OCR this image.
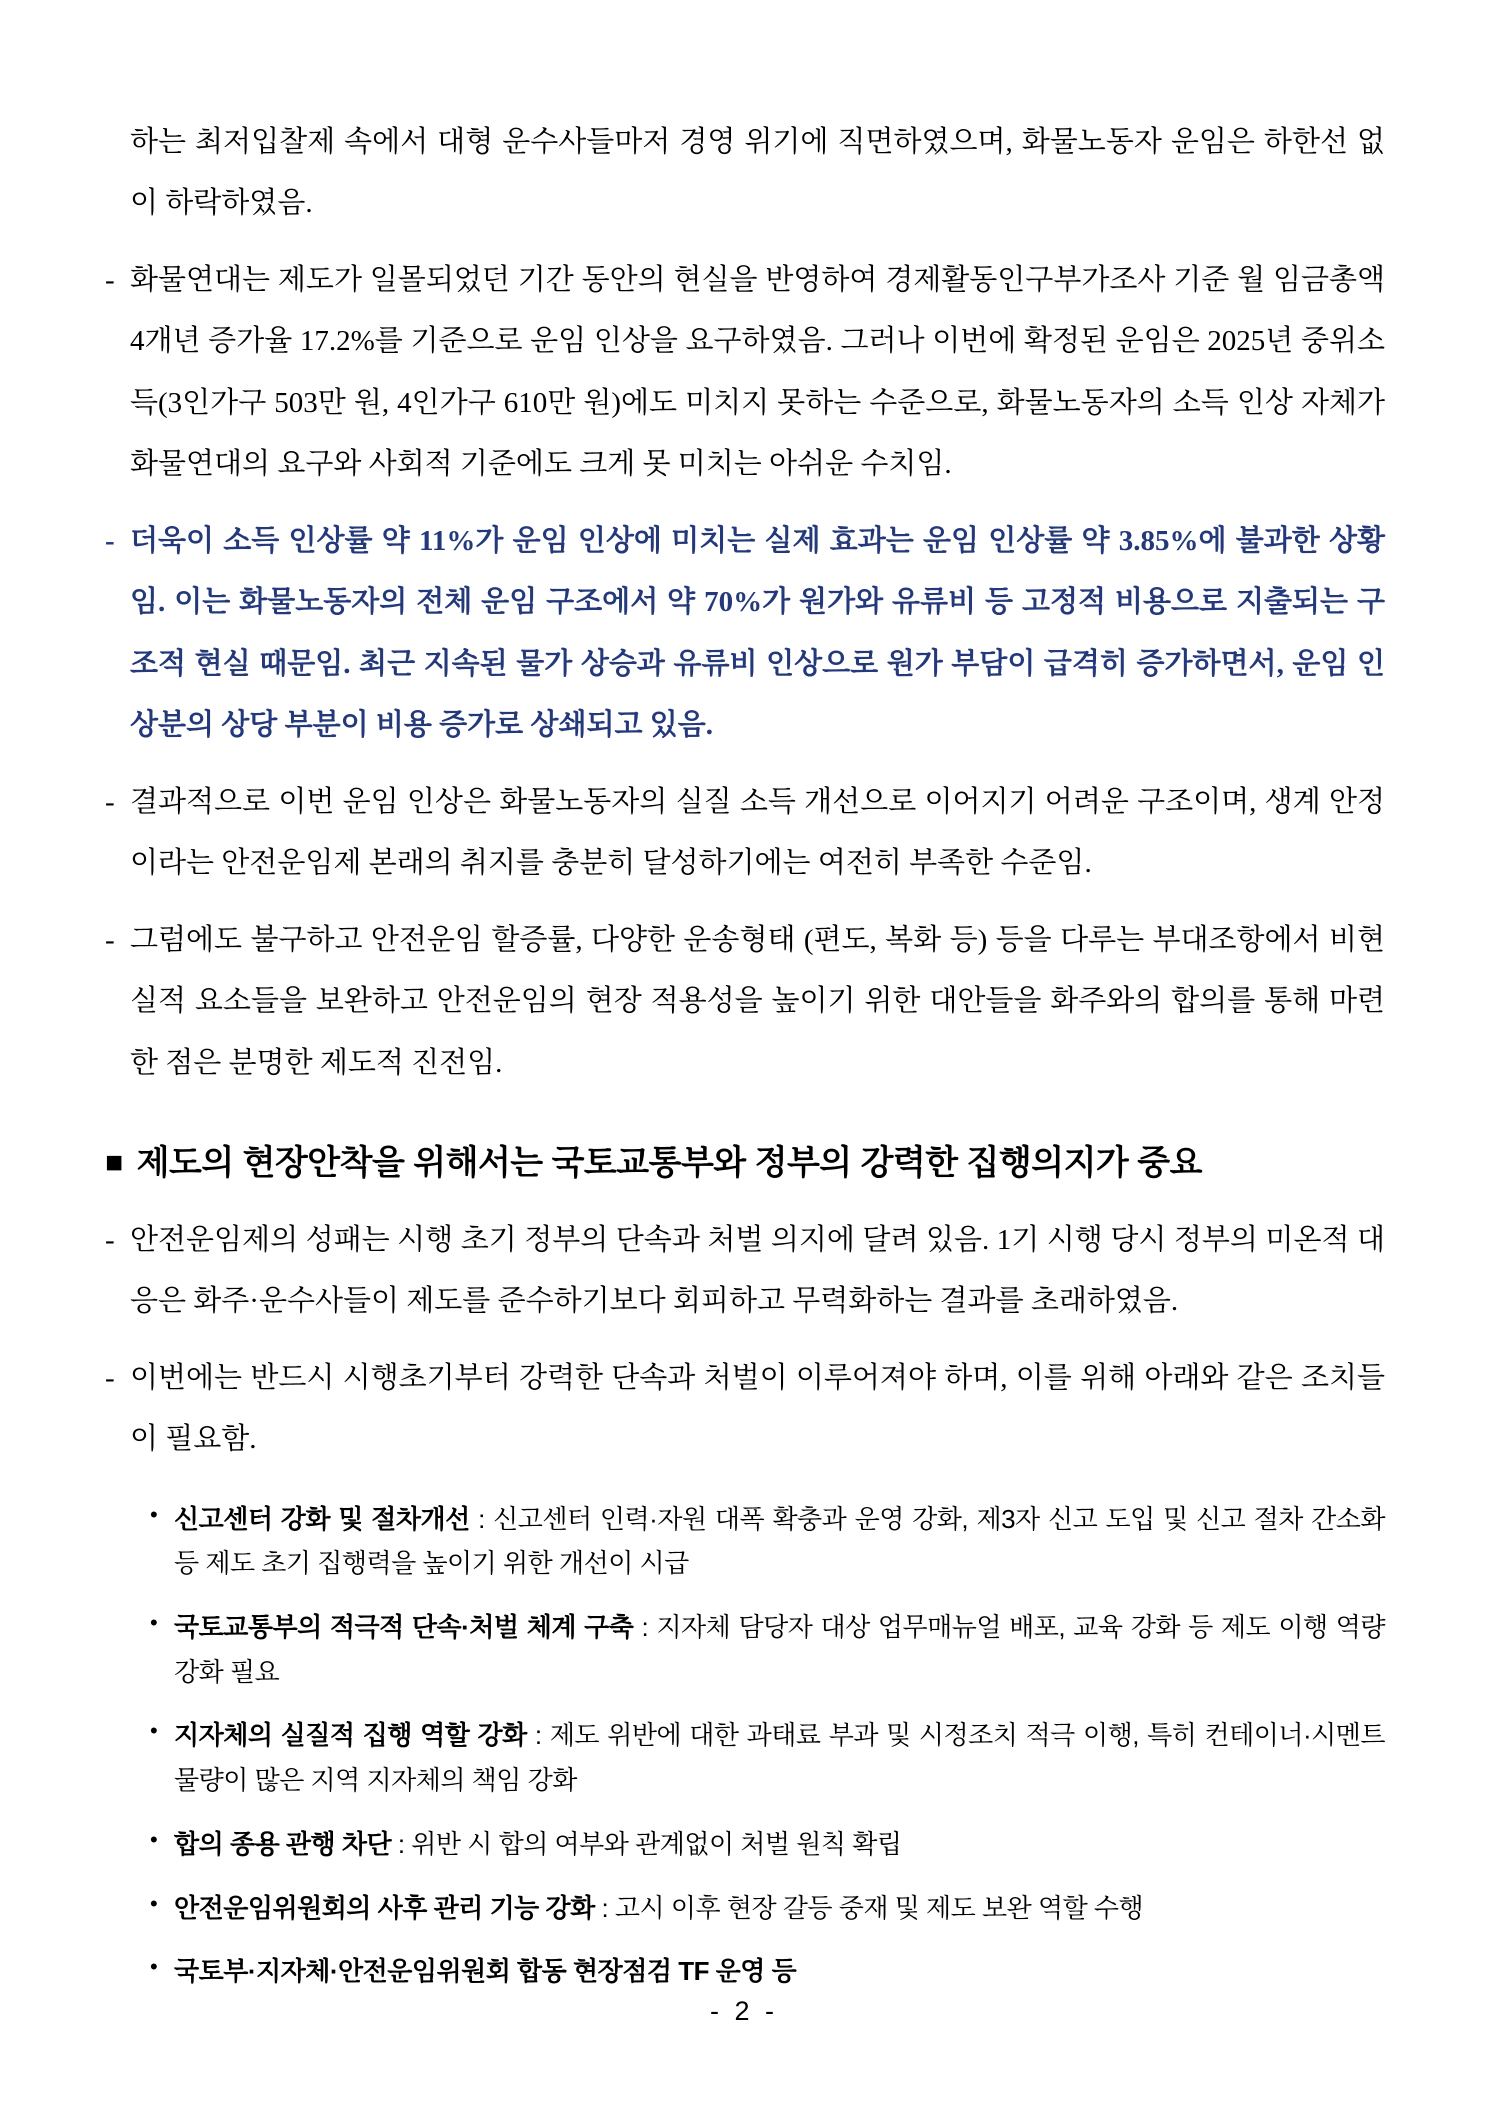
하는 최저입찰제 속에서 대형 운수사들마저 경영 위기에 직면하였으며, 화물노동자 운임은 하한선 없이 하락하였음.

- 화물연대는 제도가 일몰되었던 기간 동안의 현실을 반영하여 경제활동인구부가조사 기준 월 임금총액 4개년 증가율 17.2%를 기준으로 운임 인상을 요구하였음. 그러나 이번에 확정된 운임은 2025년 중위소득(3인가구 503만 원, 4인가구 610만 원)에도 미치지 못하는 수준으로, 화물노동자의 소득 인상 자체가 화물연대의 요구와 사회적 기준에도 크게 못 미치는 아쉬운 수치임.
- 더욱이 소득 인상률 약 11%가 운임 인상에 미치는 실제 효과는 운임 인상률 약 3.85%에 불과한 상황임. 이는 화물노동자의 전체 운임 구조에서 약 70%가 원가와 유류비 등 고정적 비용으로 지출되는 구조적 현실 때문임. 최근 지속된 물가 상승과 유류비 인상으로 원가 부담이 급격히 증가하면서, 운임 인상분의 상당 부분이 비용 증가로 상쇄되고 있음.
- 결과적으로 이번 운임 인상은 화물노동자의 실질 소득 개선으로 이어지기 어려운 구조이며, 생계 안정이라는 안전운임제 본래의 취지를 충분히 달성하기에는 여전히 부족한 수준임.
- 그럼에도 불구하고 안전운임 할증률, 다양한 운송형태 (편도, 복화 등) 등을 다루는 부대조항에서 비현실적 요소들을 보완하고 안전운임의 현장 적용성을 높이기 위한 대안들을 화주와의 합의를 통해 마련한 점은 분명한 제도적 진전임.
■ 제도의 현장안착을 위해서는 국토교통부와 정부의 강력한 집행의지가 중요
- 안전운임제의 성패는 시행 초기 정부의 단속과 처벌 의지에 달려 있음. 1기 시행 당시 정부의 미온적 대응은 화주·운수사들이 제도를 준수하기보다 회피하고 무력화하는 결과를 초래하였음.
- 이번에는 반드시 시행초기부터 강력한 단속과 처벌이 이루어져야 하며, 이를 위해 아래와 같은 조치들이 필요함.
• 신고센터 강화 및 절차개선 : 신고센터 인력·자원 대폭 확충과 운영 강화, 제3자 신고 도입 및 신고 절차 간소화 등 제도 초기 집행력을 높이기 위한 개선이 시급
• 국토교통부의 적극적 단속·처벌 체계 구축 : 지자체 담당자 대상 업무매뉴얼 배포, 교육 강화 등 제도 이행 역량 강화 필요
• 지자체의 실질적 집행 역할 강화 : 제도 위반에 대한 과태료 부과 및 시정조치 적극 이행, 특히 컨테이너·시멘트 물량이 많은 지역 지자체의 책임 강화
• 합의 종용 관행 차단 : 위반 시 합의 여부와 관계없이 처벌 원칙 확립
• 안전운임위원회의 사후 관리 기능 강화 : 고시 이후 현장 갈등 중재 및 제도 보완 역할 수행
• 국토부·지자체·안전운임위원회 합동 현장점검 TF 운영 등
- 2 -
